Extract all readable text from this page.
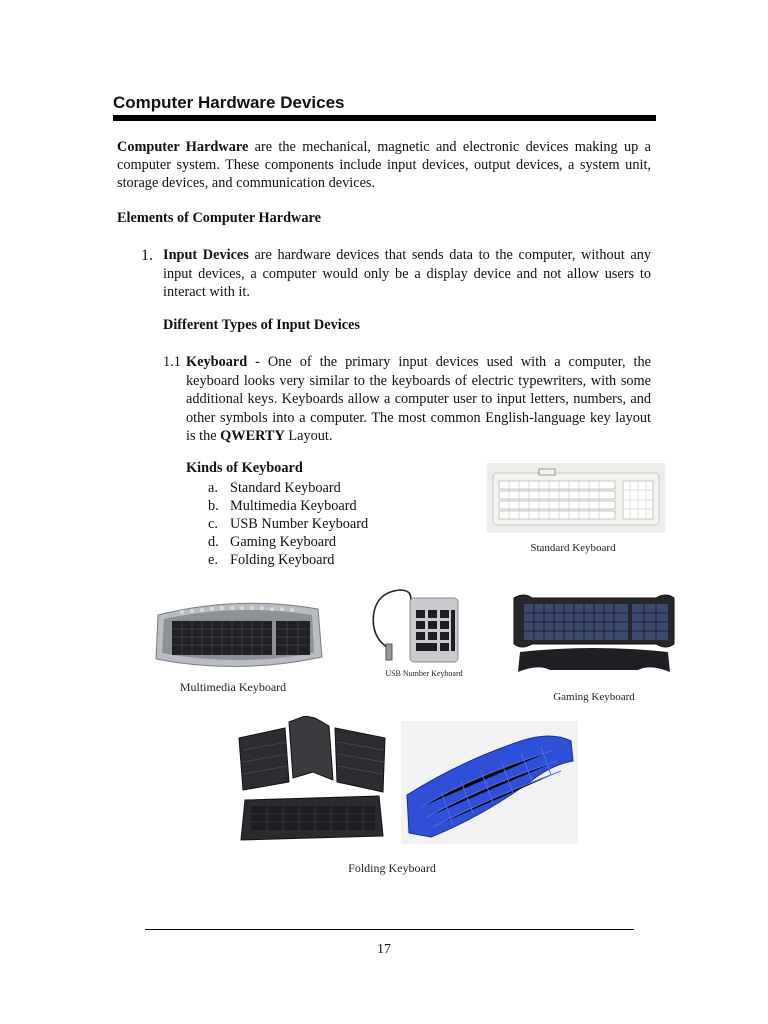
Computer Hardware Devices
Computer Hardware are the mechanical, magnetic and electronic devices making up a computer system. These components include input devices, output devices, a system unit, storage devices, and communication devices.
Elements of Computer Hardware
1. Input Devices are hardware devices that sends data to the computer, without any input devices, a computer would only be a display device and not allow users to interact with it.
Different Types of Input Devices
1.1 Keyboard - One of the primary input devices used with a computer, the keyboard looks very similar to the keyboards of electric typewriters, with some additional keys. Keyboards allow a computer user to input letters, numbers, and other symbols into a computer. The most common English-language key layout is the QWERTY Layout.
Kinds of Keyboard
a. Standard Keyboard
b. Multimedia Keyboard
c. USB Number Keyboard
d. Gaming Keyboard
e. Folding Keyboard
Standard Keyboard
Multimedia Keyboard
USB Number Keyboard
Gaming Keyboard
Folding Keyboard
17
